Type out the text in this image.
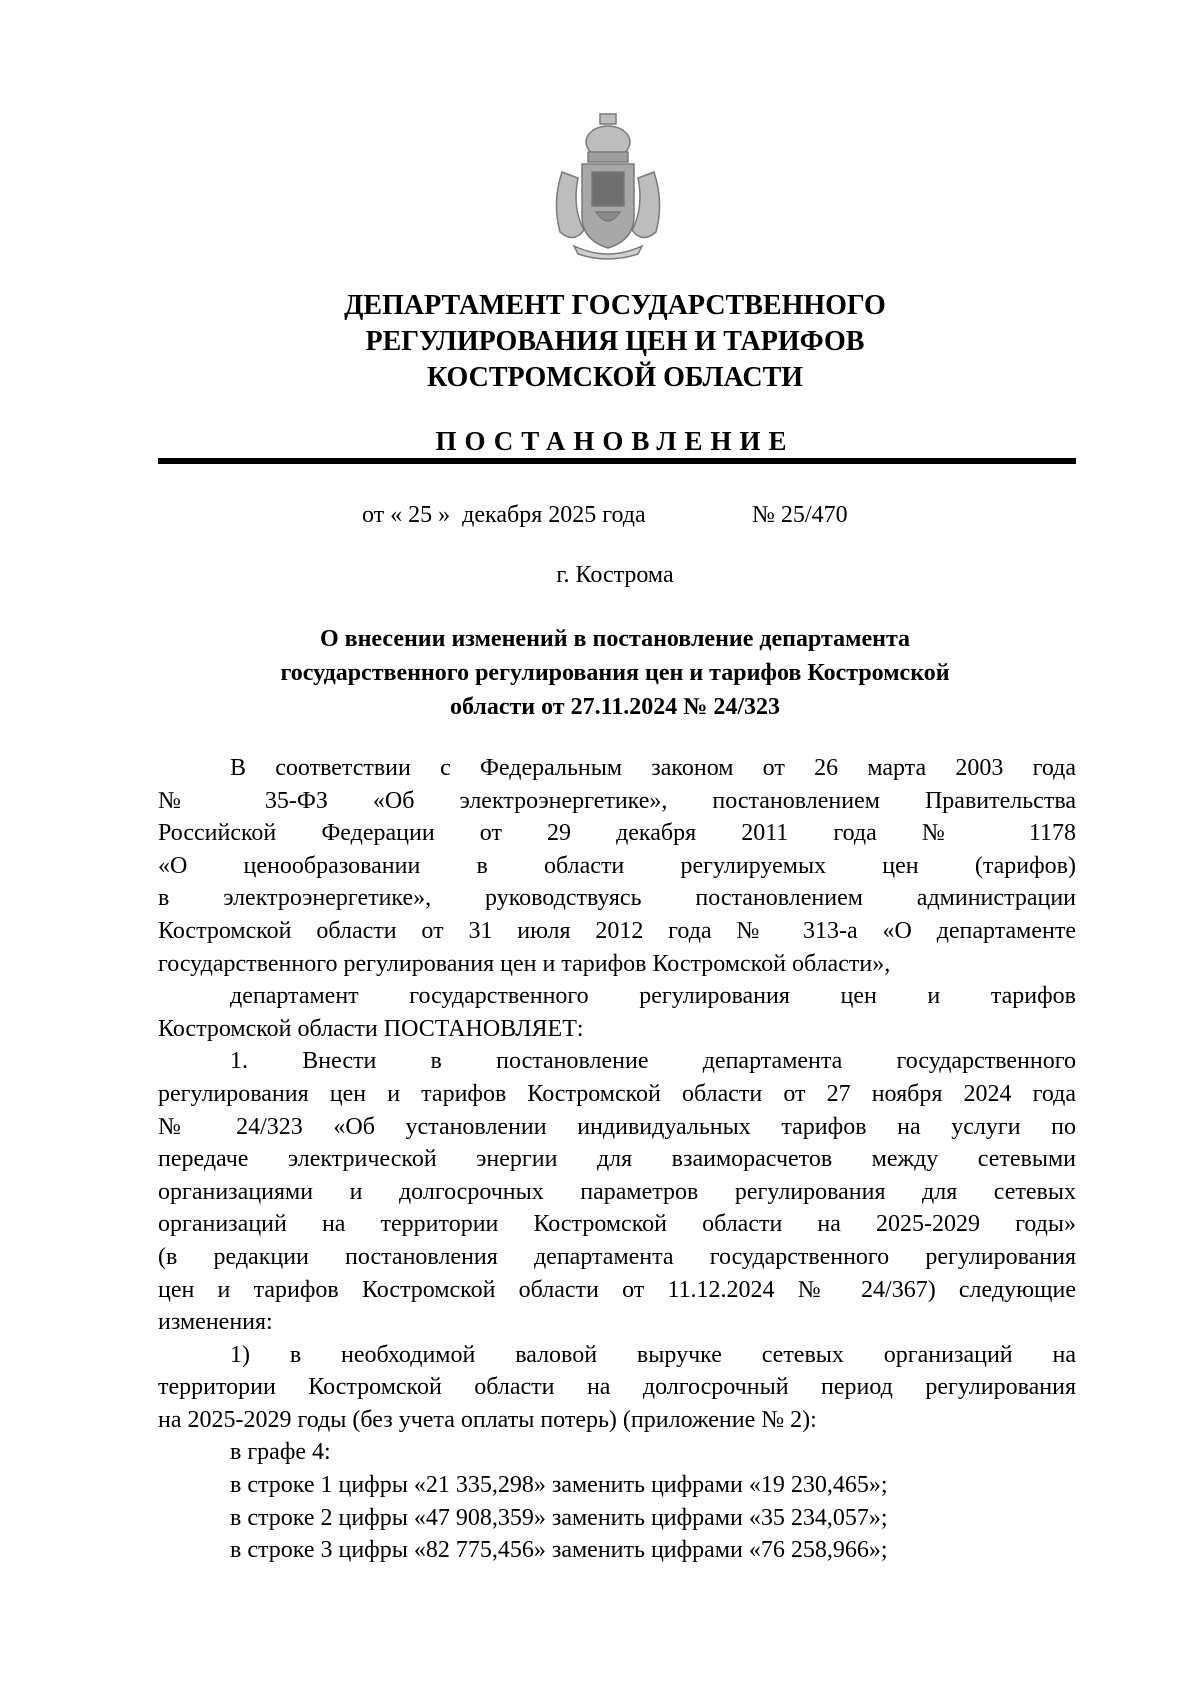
ДЕПАРТАМЕНТ ГОСУДАРСТВЕННОГО
РЕГУЛИРОВАНИЯ ЦЕН И ТАРИФОВ
КОСТРОМСКОЙ ОБЛАСТИ
ПОСТАНОВЛЕНИЕ
от « 25 »  декабря 2025 года	№ 25/470
г. Кострома
О внесении изменений в постановление департамента
государственного регулирования цен и тарифов Костромской
области от 27.11.2024 № 24/323
В соответствии с Федеральным законом от 26 марта 2003 года
№ 35-ФЗ «Об электроэнергетике», постановлением Правительства
Российской Федерации от 29 декабря 2011 года № 1178
«О ценообразовании в области регулируемых цен (тарифов)
в электроэнергетике», руководствуясь постановлением администрации
Костромской области от 31 июля 2012 года № 313-а «О департаменте
государственного регулирования цен и тарифов Костромской области»,
департамент государственного регулирования цен и тарифов
Костромской области ПОСТАНОВЛЯЕТ:
1. Внести в постановление департамента государственного
регулирования цен и тарифов Костромской области от 27 ноября 2024 года
№ 24/323 «Об установлении индивидуальных тарифов на услуги по
передаче электрической энергии для взаиморасчетов между сетевыми
организациями и долгосрочных параметров регулирования для сетевых
организаций на территории Костромской области на 2025-2029 годы»
(в редакции постановления департамента государственного регулирования
цен и тарифов Костромской области от 11.12.2024 № 24/367) следующие
изменения:
1) в необходимой валовой выручке сетевых организаций на
территории Костромской области на долгосрочный период регулирования
на 2025-2029 годы (без учета оплаты потерь) (приложение № 2):
в графе 4:
в строке 1 цифры «21 335,298» заменить цифрами «19 230,465»;
в строке 2 цифры «47 908,359» заменить цифрами «35 234,057»;
в строке 3 цифры «82 775,456» заменить цифрами «76 258,966»;
